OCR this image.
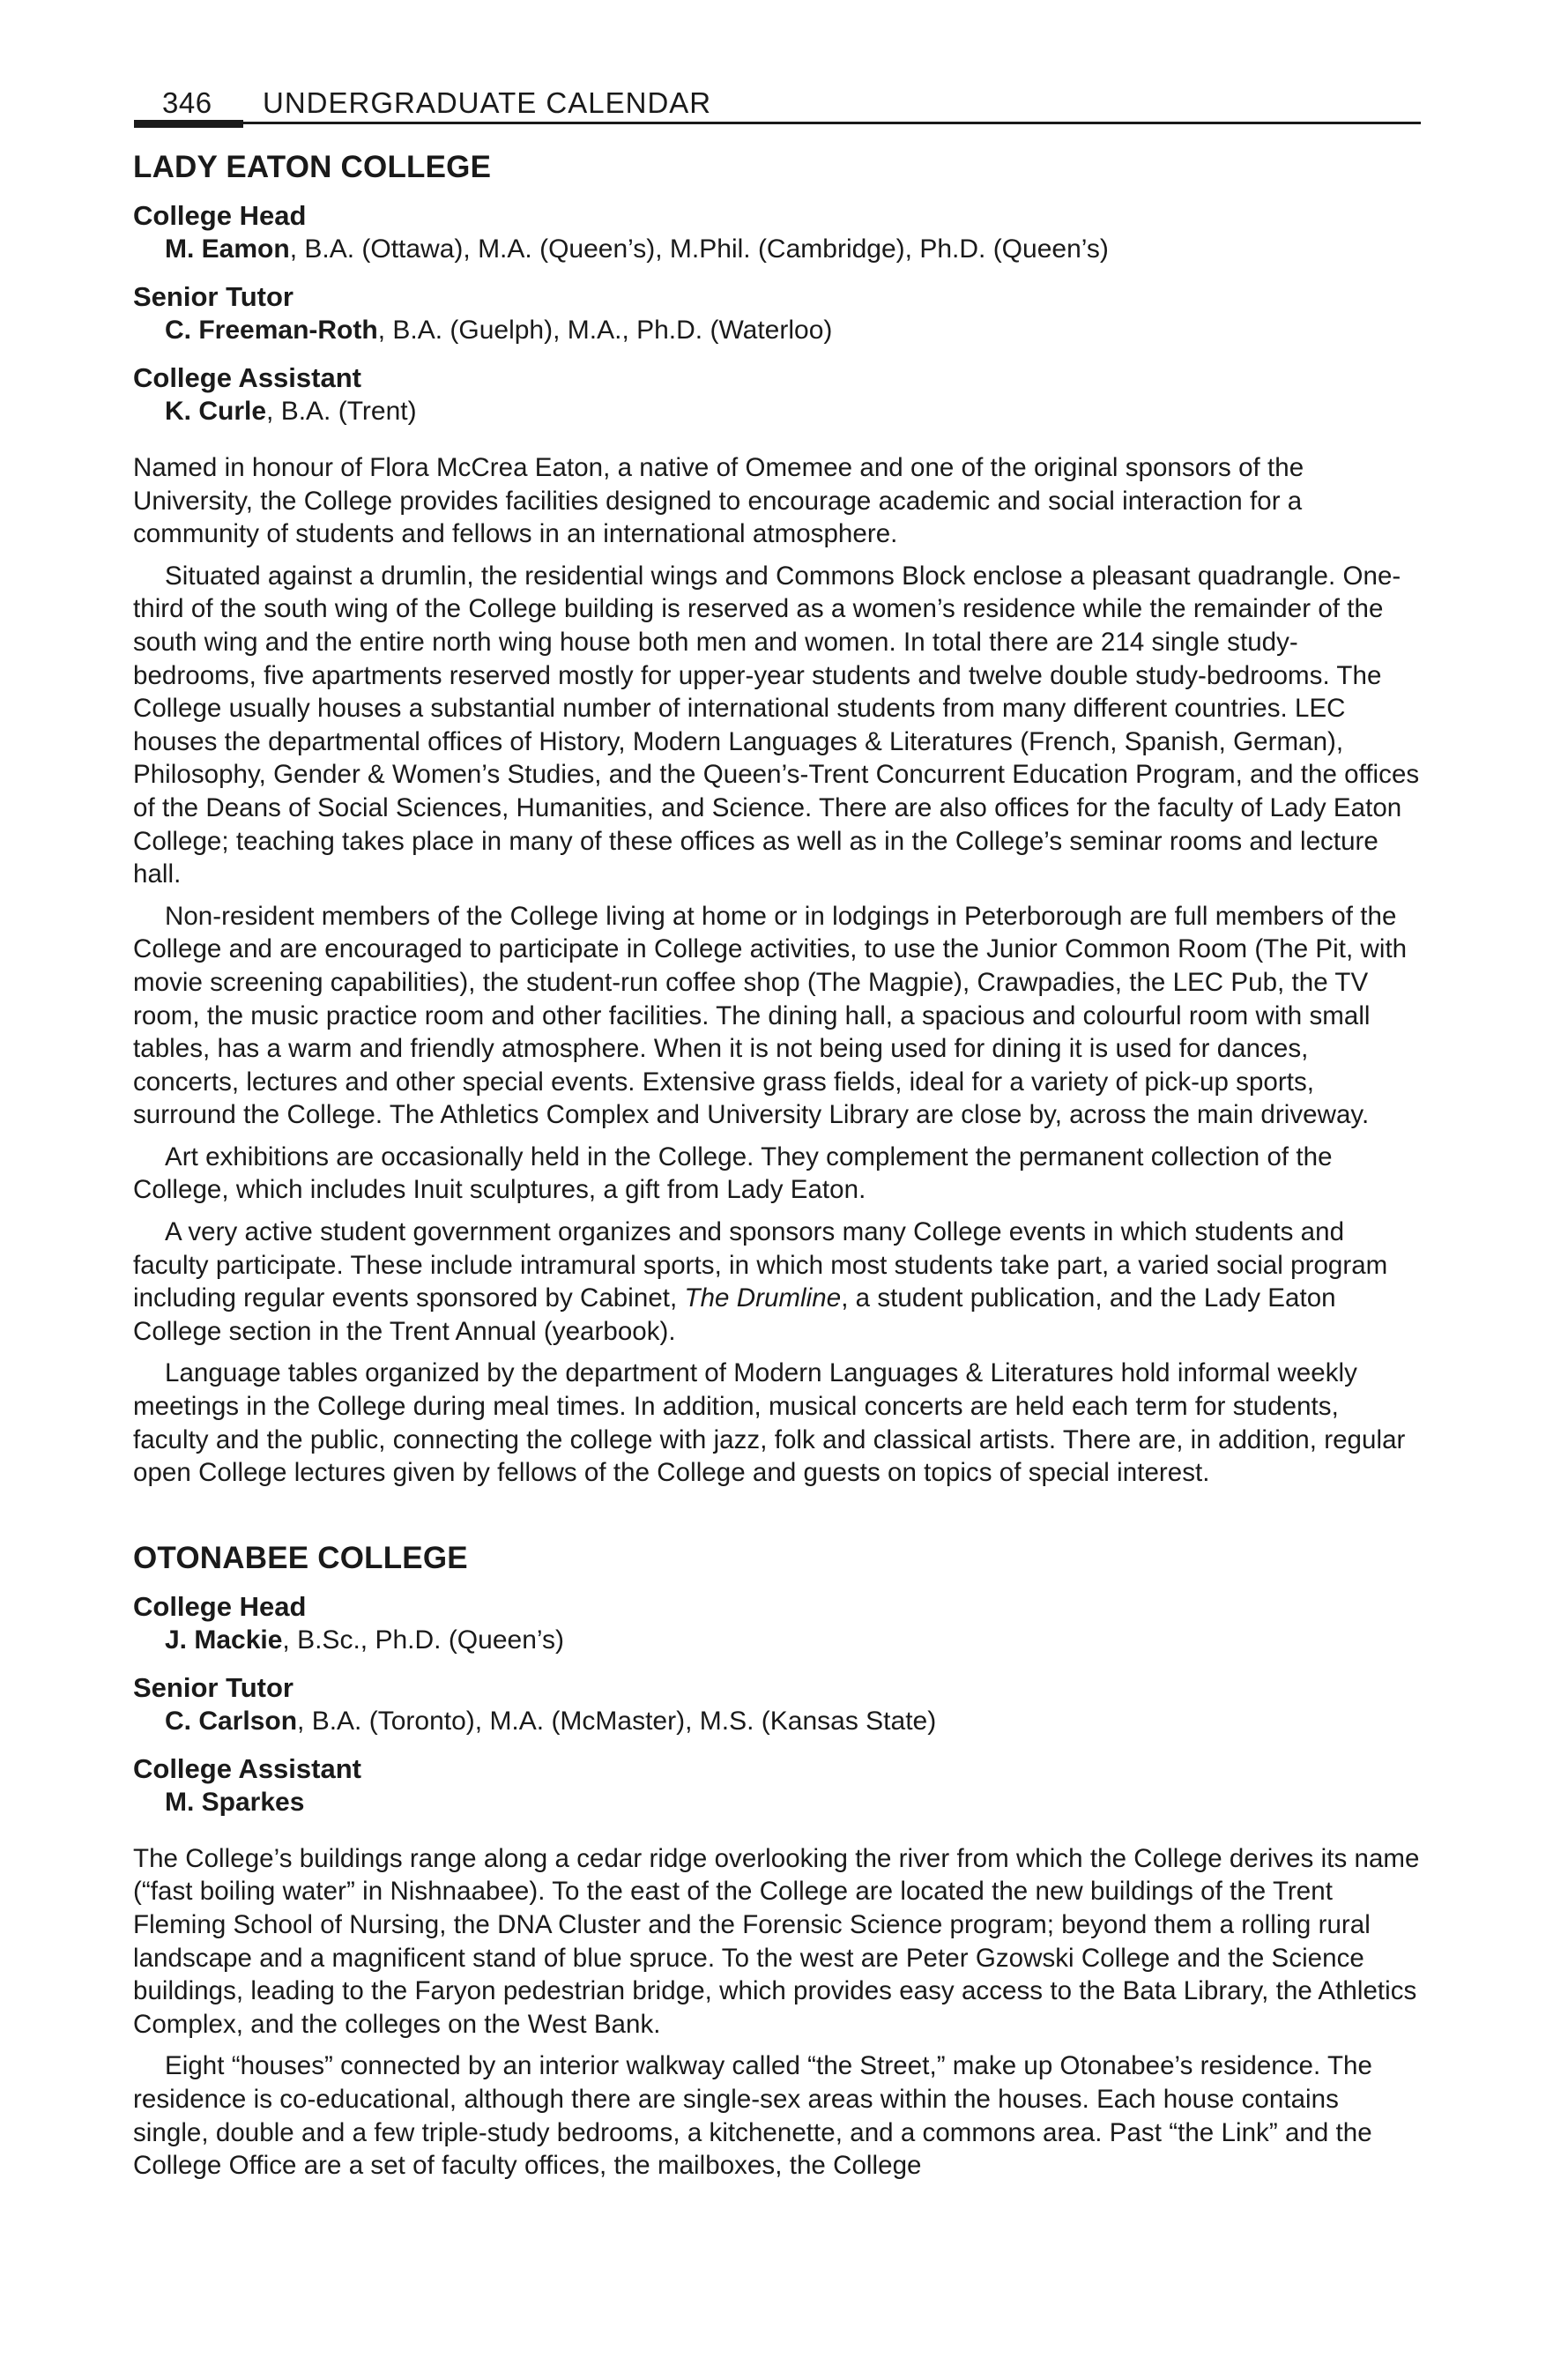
346 UNDERGRADUATE CALENDAR
LADY EATON COLLEGE
College Head
M. Eamon, B.A. (Ottawa), M.A. (Queen’s), M.Phil. (Cambridge), Ph.D. (Queen’s)
Senior Tutor
C. Freeman-Roth, B.A. (Guelph), M.A., Ph.D. (Waterloo)
College Assistant
K. Curle, B.A. (Trent)

Named in honour of Flora McCrea Eaton, a native of Omemee and one of the original sponsors of the University, the College provides facilities designed to encourage academic and social interaction for a community of students and fellows in an international atmosphere.

Situated against a drumlin, the residential wings and Commons Block enclose a pleasant quadrangle. One-third of the south wing of the College building is reserved as a women’s residence while the remainder of the south wing and the entire north wing house both men and women. In total there are 214 single study-bedrooms, five apartments reserved mostly for upper-year students and twelve double study-bedrooms. The College usually houses a substantial number of international students from many different countries. LEC houses the departmental offices of History, Modern Languages & Literatures (French, Spanish, German), Philosophy, Gender & Women’s Studies, and the Queen’s-Trent Concurrent Education Program, and the offices of the Deans of Social Sciences, Humanities, and Science. There are also offices for the faculty of Lady Eaton College; teaching takes place in many of these offices as well as in the College’s seminar rooms and lecture hall.

Non-resident members of the College living at home or in lodgings in Peterborough are full members of the College and are encouraged to participate in College activities, to use the Junior Common Room (The Pit, with movie screening capabilities), the student-run coffee shop (The Magpie), Crawpadies, the LEC Pub, the TV room, the music practice room and other facilities. The dining hall, a spacious and colourful room with small tables, has a warm and friendly atmosphere. When it is not being used for dining it is used for dances, concerts, lectures and other special events. Extensive grass fields, ideal for a variety of pick-up sports, surround the College. The Athletics Complex and University Library are close by, across the main driveway.

Art exhibitions are occasionally held in the College. They complement the permanent collection of the College, which includes Inuit sculptures, a gift from Lady Eaton.

A very active student government organizes and sponsors many College events in which students and faculty participate. These include intramural sports, in which most students take part, a varied social program including regular events sponsored by Cabinet, The Drumline, a student publication, and the Lady Eaton College section in the Trent Annual (yearbook).

Language tables organized by the department of Modern Languages & Literatures hold informal weekly meetings in the College during meal times. In addition, musical concerts are held each term for students, faculty and the public, connecting the college with jazz, folk and classical artists. There are, in addition, regular open College lectures given by fellows of the College and guests on topics of special interest.

OTONABEE COLLEGE
College Head
J. Mackie, B.Sc., Ph.D. (Queen’s)
Senior Tutor
C. Carlson, B.A. (Toronto), M.A. (McMaster), M.S. (Kansas State)
College Assistant
M. Sparkes

The College’s buildings range along a cedar ridge overlooking the river from which the College derives its name (“fast boiling water” in Nishnaabee). To the east of the College are located the new buildings of the Trent Fleming School of Nursing, the DNA Cluster and the Forensic Science program; beyond them a rolling rural landscape and a magnificent stand of blue spruce. To the west are Peter Gzowski College and the Science buildings, leading to the Faryon pedestrian bridge, which provides easy access to the Bata Library, the Athletics Complex, and the colleges on the West Bank.

Eight “houses” connected by an interior walkway called “the Street,” make up Otonabee’s residence. The residence is co-educational, although there are single-sex areas within the houses. Each house contains single, double and a few triple-study bedrooms, a kitchenette, and a commons area. Past “the Link” and the College Office are a set of faculty offices, the mailboxes, the College
